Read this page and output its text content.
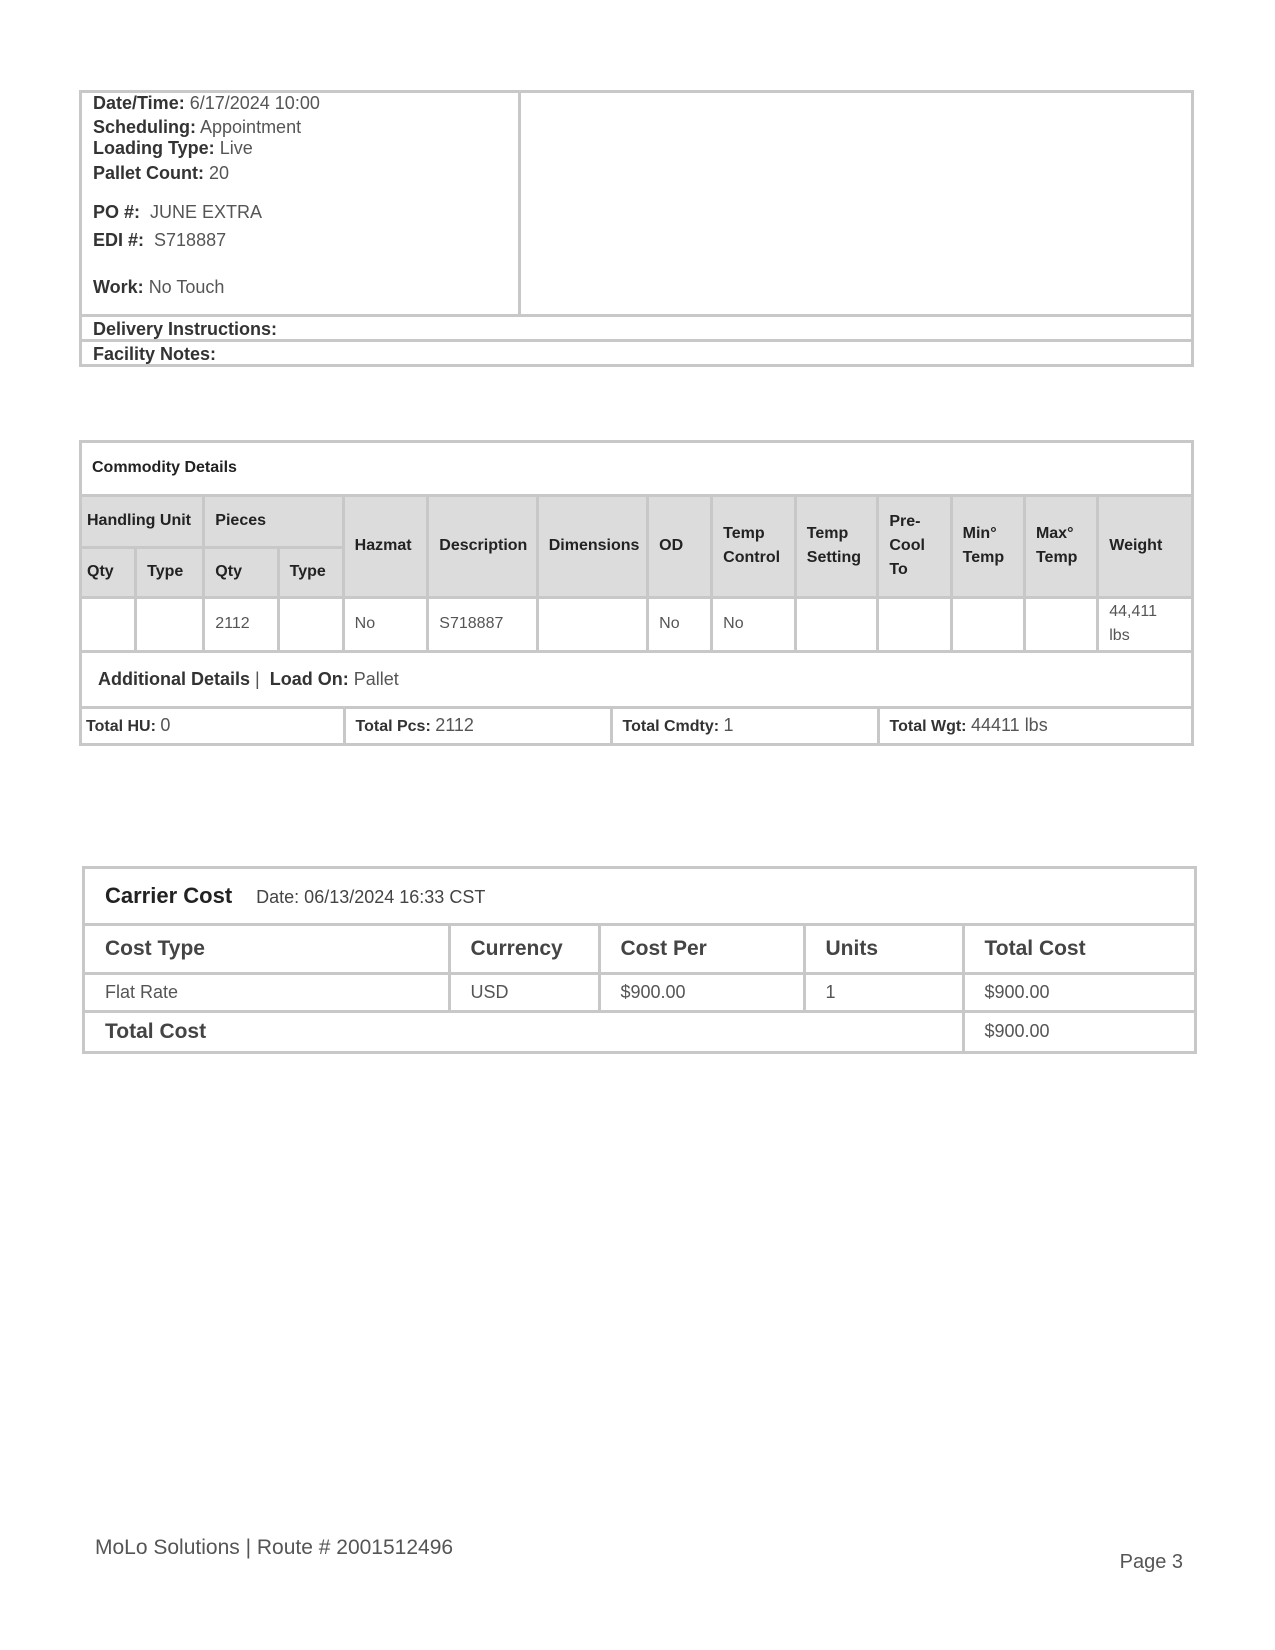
Date/Time: 6/17/2024 10:00
Scheduling: Appointment
Loading Type: Live
Pallet Count: 20
PO #: JUNE EXTRA
EDI #: S718887
Work: No Touch
Delivery Instructions:
Facility Notes:
Commodity Details													
Handling Unit		Pieces		Hazmat	Description	Dimensions	OD	Temp Control	Temp Setting	Pre-Cool To	Min° Temp	Max° Temp	Weight
Qty	Type	Qty	Type										
		2112		No	S718887		No	No					44,411 lbs
Additional Details |  Load On: Pallet													
Total HU: 0	Total Pcs: 2112	Total Cmdty: 1	Total Wgt: 44411 lbs
Carrier Cost Date: 06/13/2024 16:33 CST				
Cost Type	Currency	Cost Per	Units	Total Cost
Flat Rate	USD	$900.00	1	$900.00
Total Cost				$900.00
MoLo Solutions | Route # 2001512496
Page 3
